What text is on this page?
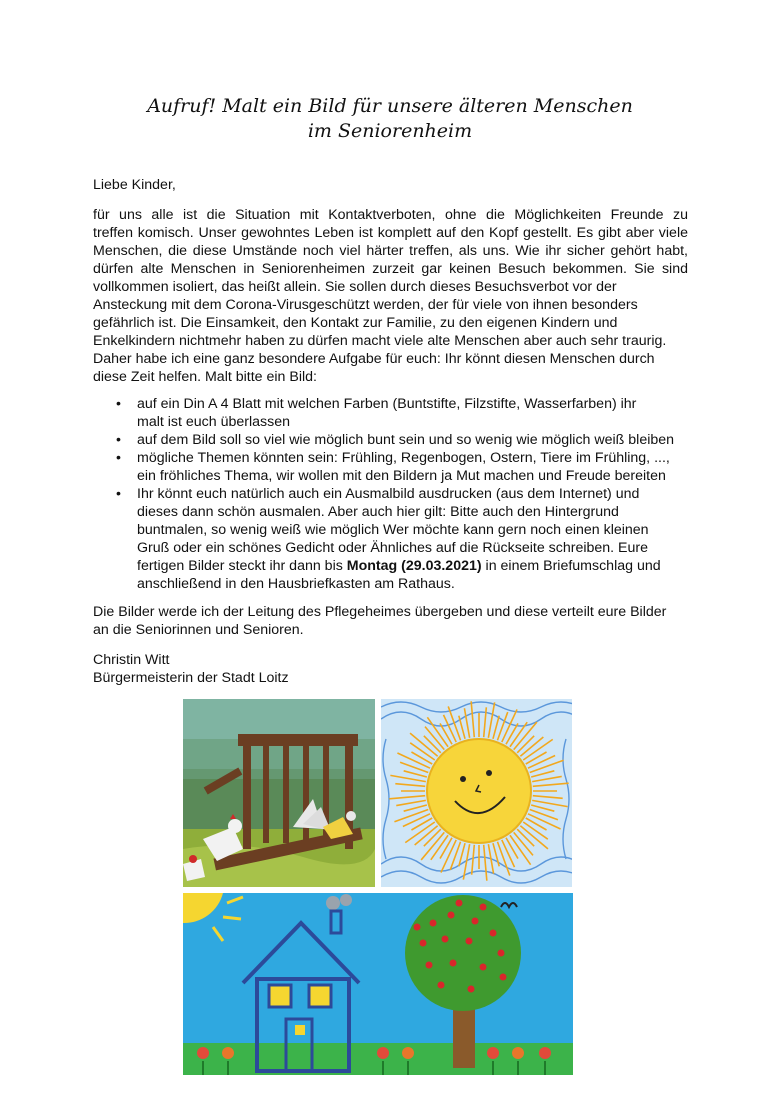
Aufruf! Malt ein Bild für unsere älteren Menschen
im Seniorenheim
Liebe Kinder,
für uns alle ist die Situation mit Kontaktverboten, ohne die Möglichkeiten Freunde zu
treffen komisch. Unser gewohntes Leben ist komplett auf den Kopf gestellt. Es gibt aber viele
Menschen, die diese Umstände noch viel härter treffen, als uns. Wie ihr sicher gehört habt,
dürfen alte Menschen in Seniorenheimen zurzeit gar keinen Besuch bekommen. Sie sind
vollkommen isoliert, das heißt allein. Sie sollen durch dieses Besuchsverbot vor der
Ansteckung mit dem Corona-Virusgeschützt werden, der für viele von ihnen besonders
gefährlich ist. Die Einsamkeit, den Kontakt zur Familie, zu den eigenen Kindern und
Enkelkindern nichtmehr haben zu dürfen macht viele alte Menschen aber auch sehr traurig.
Daher habe ich eine ganz besondere Aufgabe für euch: Ihr könnt diesen Menschen durch
diese Zeit helfen. Malt bitte ein Bild:
• auf ein Din A 4 Blatt mit welchen Farben (Buntstifte, Filzstifte, Wasserfarben) ihr
malt ist euch überlassen
• auf dem Bild soll so viel wie möglich bunt sein und so wenig wie möglich weiß bleiben
• mögliche Themen könnten sein: Frühling, Regenbogen, Ostern, Tiere im Frühling, ...,
ein fröhliches Thema, wir wollen mit den Bildern ja Mut machen und Freude bereiten
• Ihr könnt euch natürlich auch ein Ausmalbild ausdrucken (aus dem Internet) und
dieses dann schön ausmalen. Aber auch hier gilt: Bitte auch den Hintergrund
buntmalen, so wenig weiß wie möglich Wer möchte kann gern noch einen kleinen
Gruß oder ein schönes Gedicht oder Ähnliches auf die Rückseite schreiben. Eure
fertigen Bilder steckt ihr dann bis Montag (29.03.2021) in einem Briefumschlag und
anschließend in den Hausbriefkasten am Rathaus.
Die Bilder werde ich der Leitung des Pflegeheimes übergeben und diese verteilt eure Bilder
an die Seniorinnen und Senioren.
Christin Witt
Bürgermeisterin der Stadt Loitz
